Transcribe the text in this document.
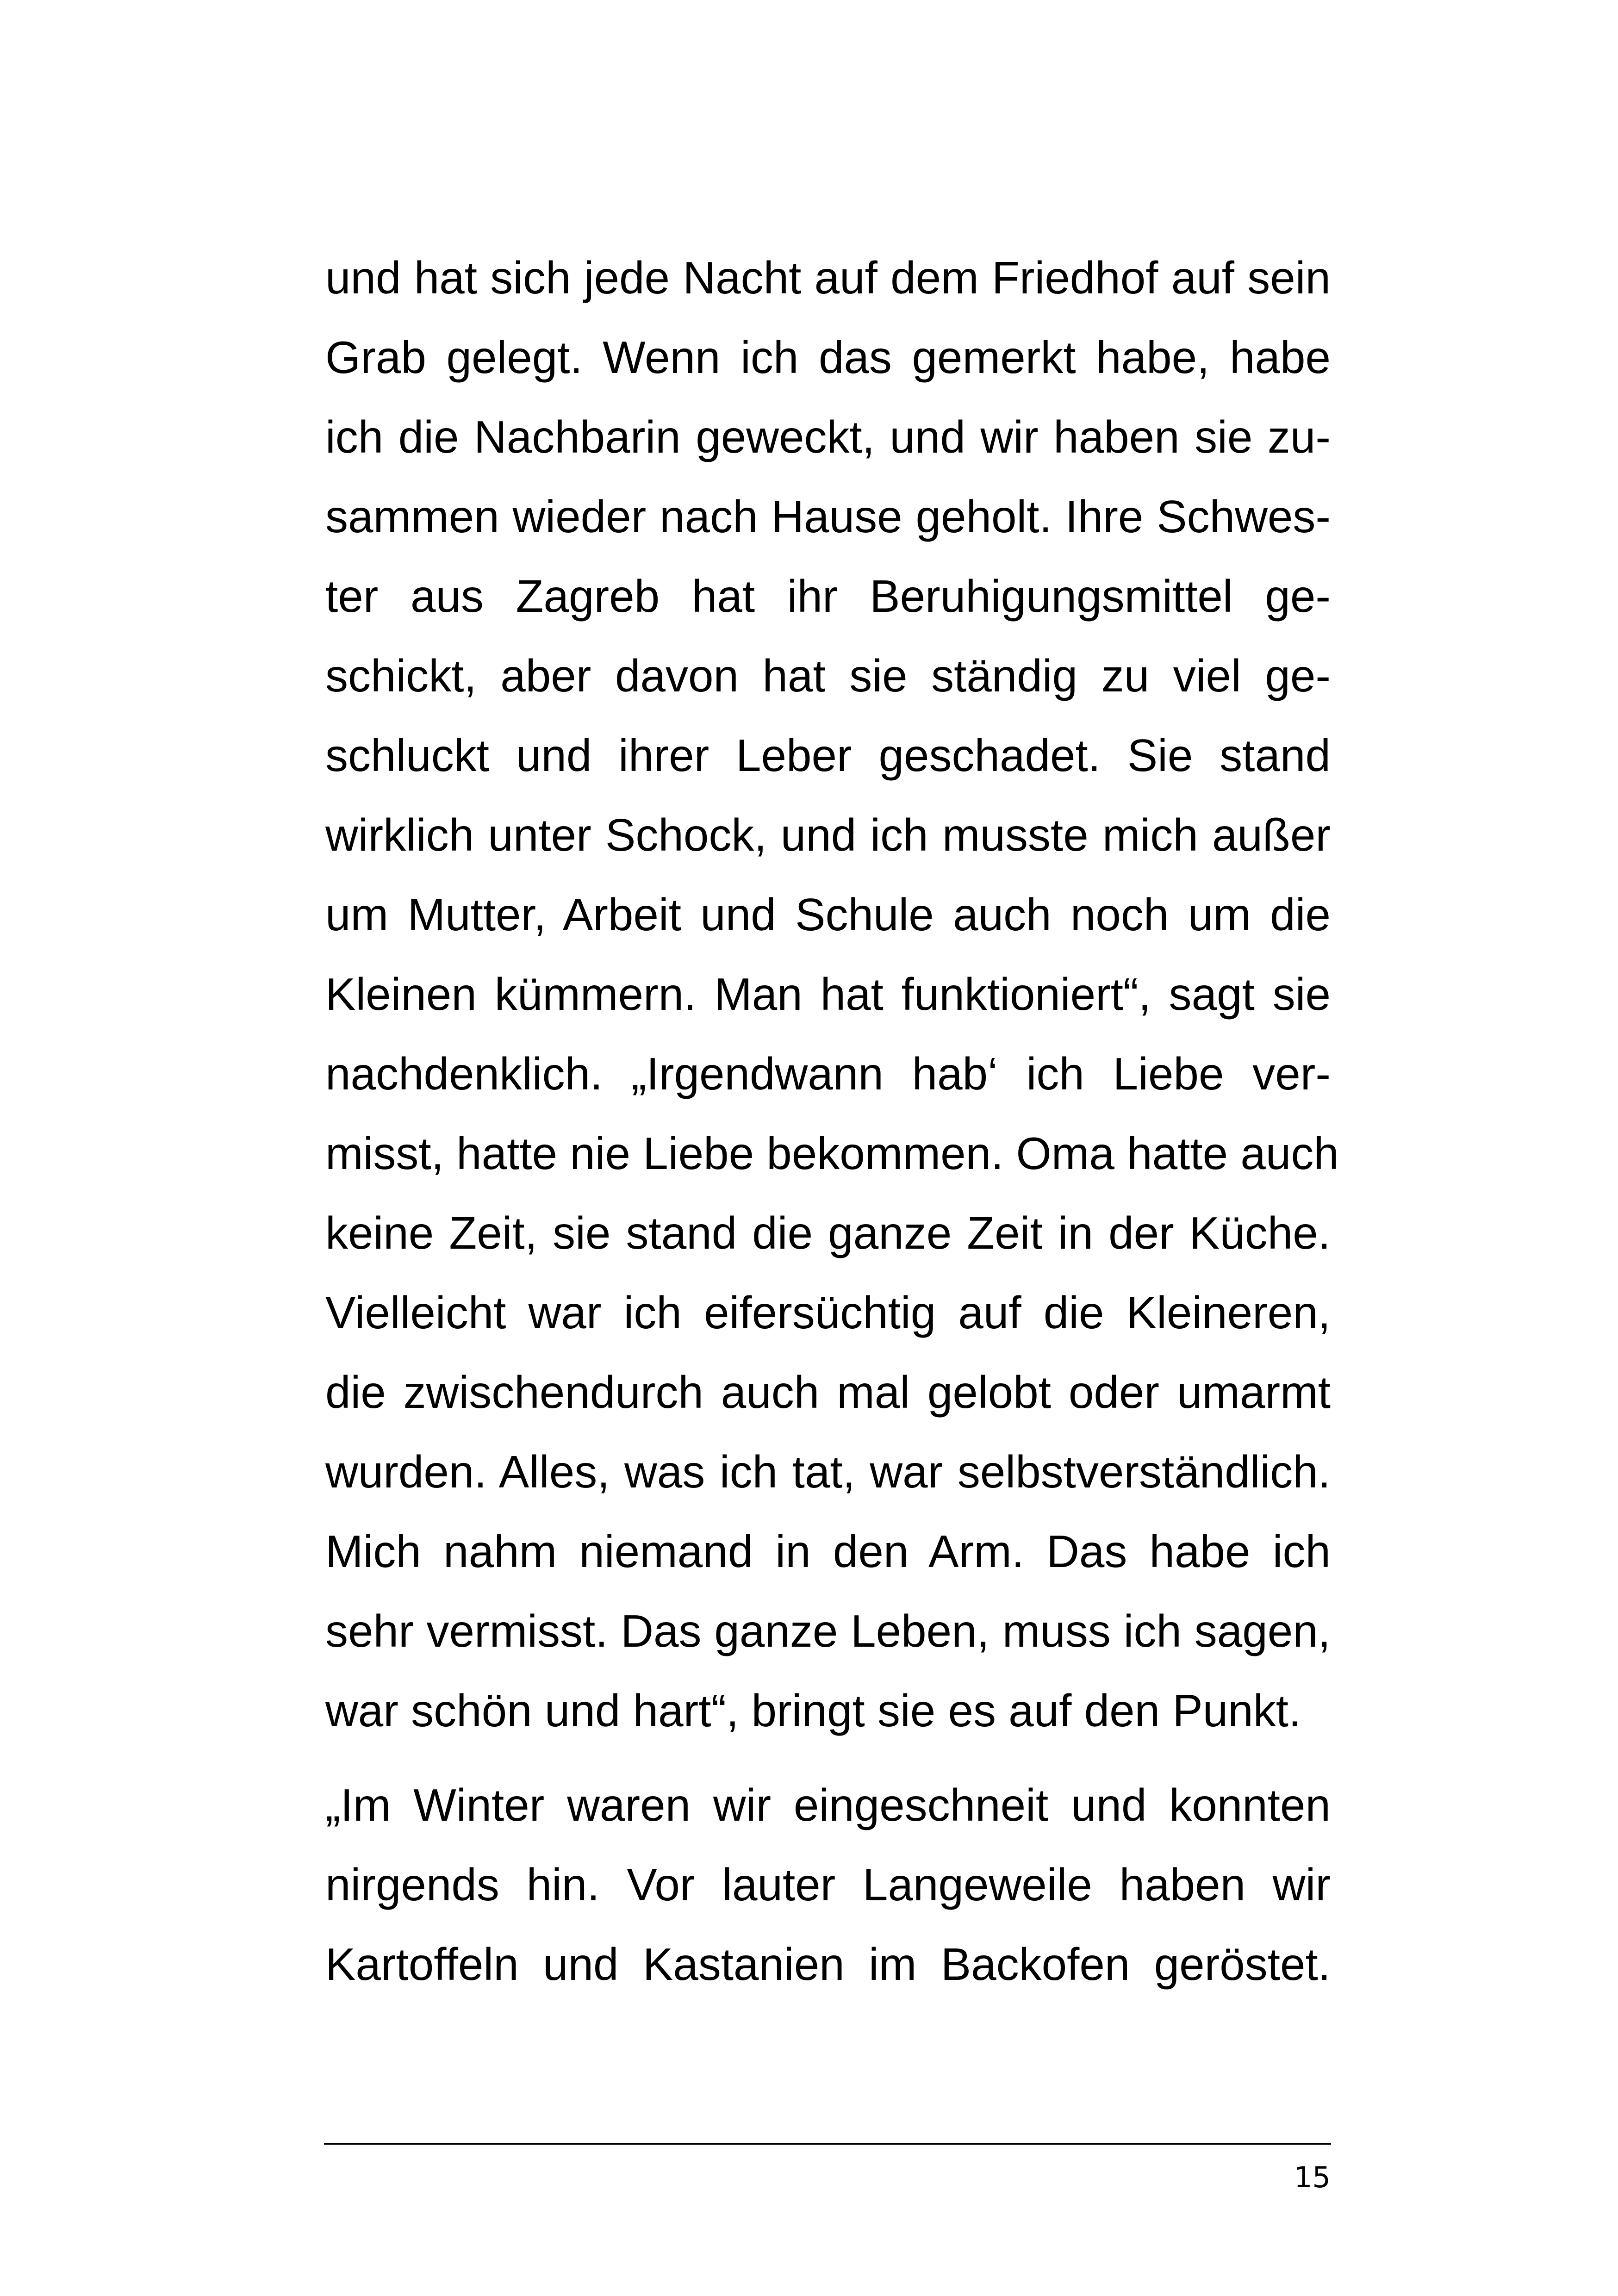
und hat sich jede Nacht auf dem Friedhof auf sein
Grab gelegt. Wenn ich das gemerkt habe, habe
ich die Nachbarin geweckt, und wir haben sie zu-
sammen wieder nach Hause geholt. Ihre Schwes-
ter aus Zagreb hat ihr Beruhigungsmittel ge-
schickt, aber davon hat sie ständig zu viel ge-
schluckt und ihrer Leber geschadet. Sie stand
wirklich unter Schock, und ich musste mich außer
um Mutter, Arbeit und Schule auch noch um die
Kleinen kümmern. Man hat funktioniert“, sagt sie
nachdenklich. „Irgendwann hab‘ ich Liebe ver-
misst, hatte nie Liebe bekommen. Oma hatte auch
keine Zeit, sie stand die ganze Zeit in der Küche.
Vielleicht war ich eifersüchtig auf die Kleineren,
die zwischendurch auch mal gelobt oder umarmt
wurden. Alles, was ich tat, war selbstverständlich.
Mich nahm niemand in den Arm. Das habe ich
sehr vermisst. Das ganze Leben, muss ich sagen,
war schön und hart“, bringt sie es auf den Punkt.
„Im Winter waren wir eingeschneit und konnten
nirgends hin. Vor lauter Langeweile haben wir
Kartoffeln und Kastanien im Backofen geröstet.
15
